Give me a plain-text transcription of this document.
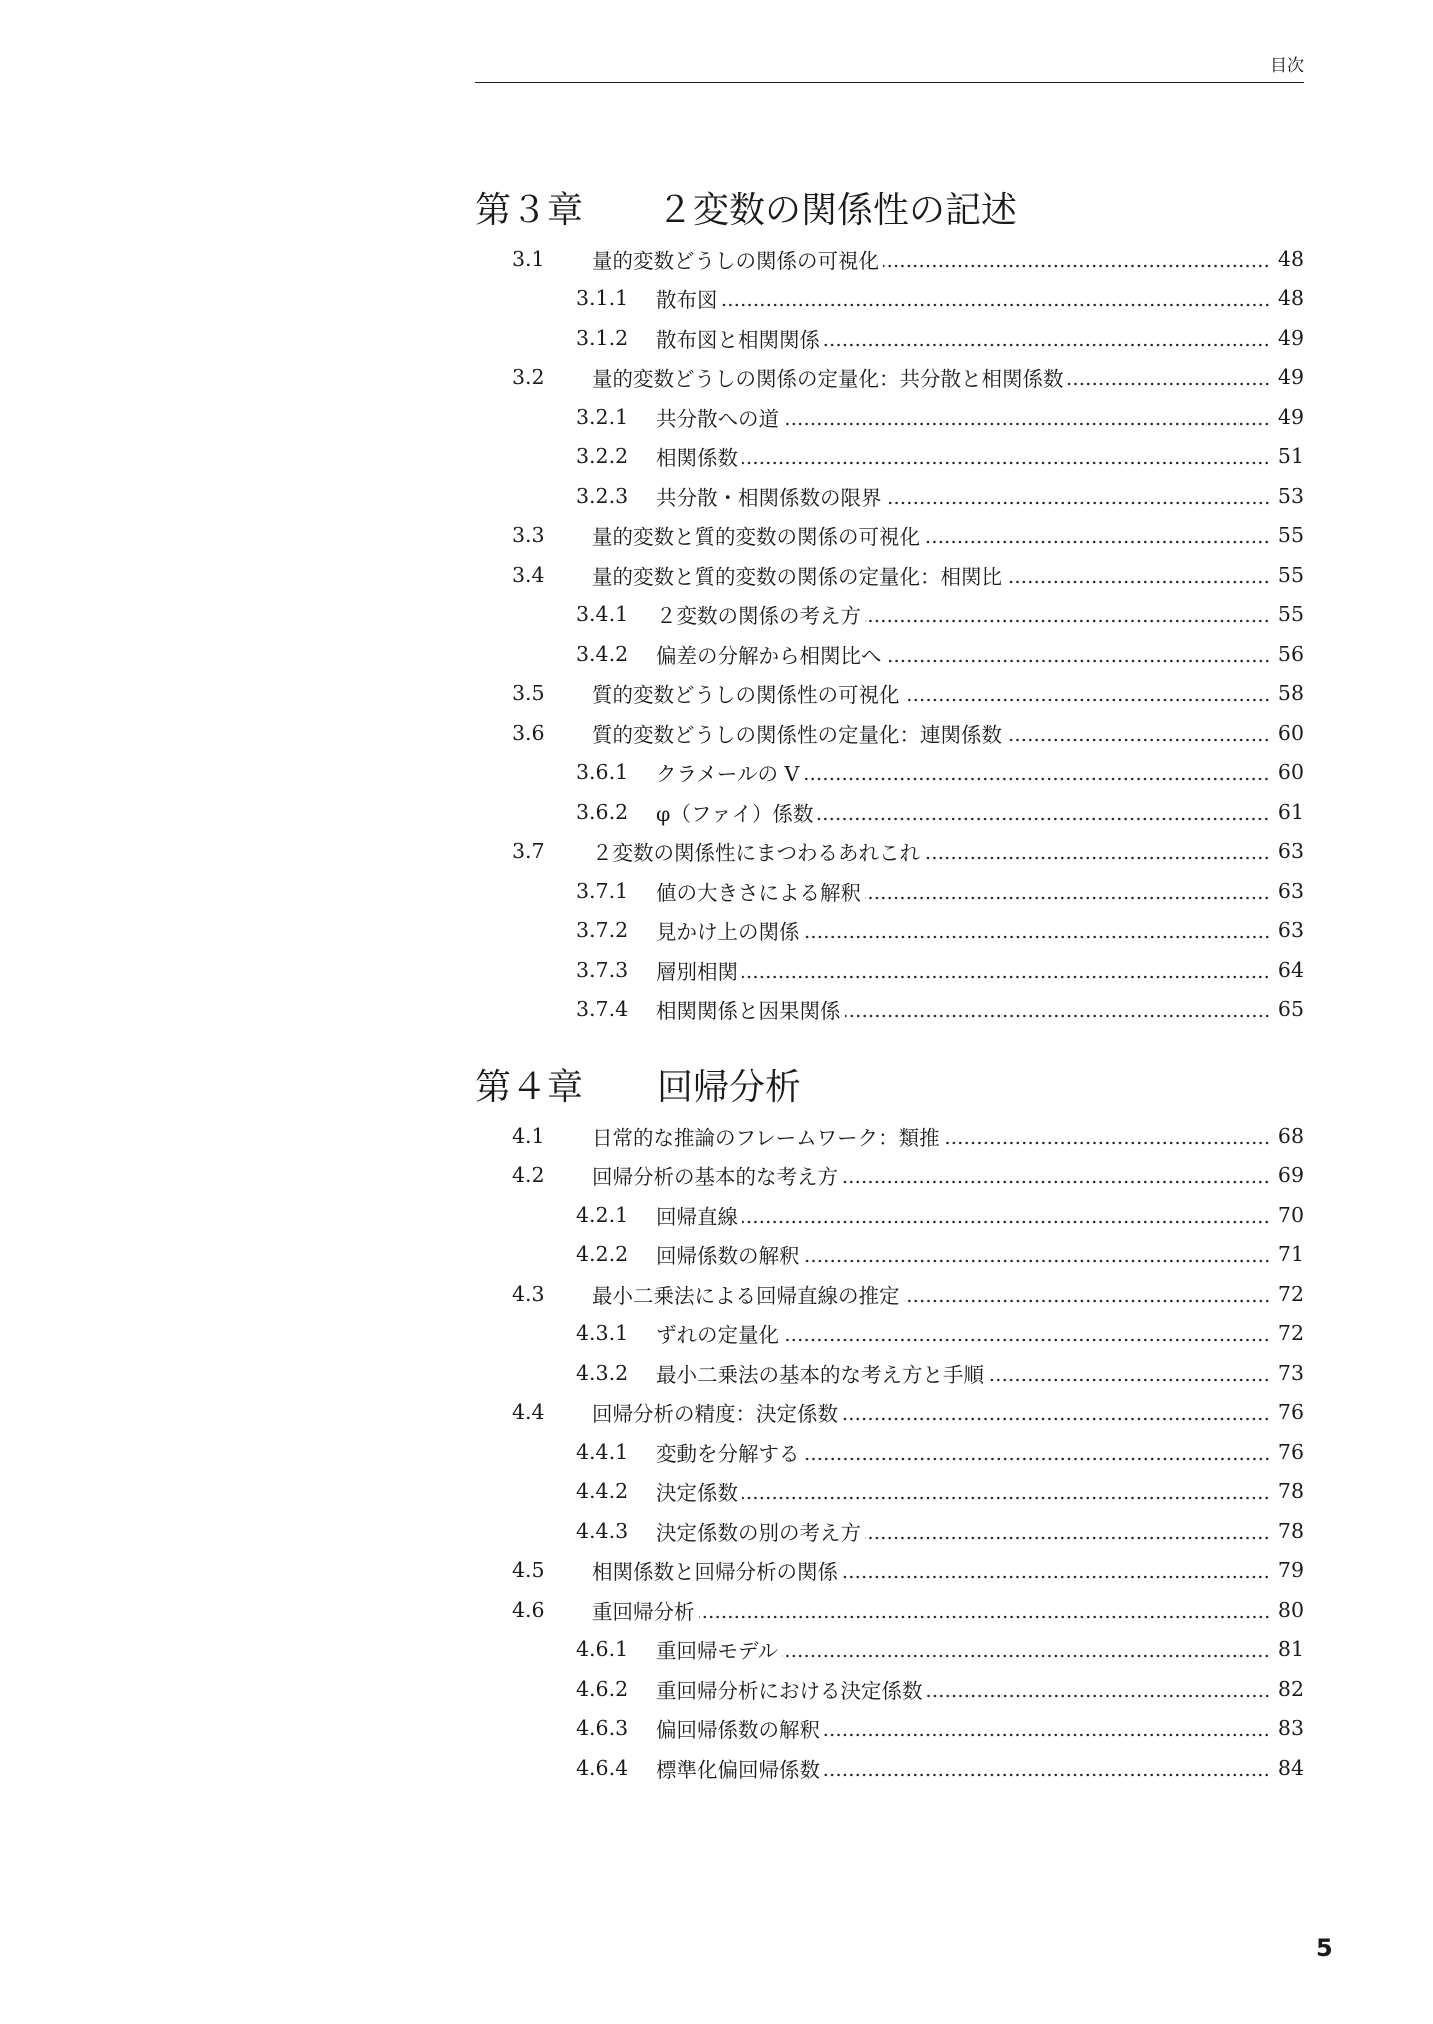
目次
第３章 ２変数の関係性の記述
3.1	量的変数どうしの関係の可視化	48
3.1.1	散布図	48
3.1.2	散布図と相関関係	49
3.2	量的変数どうしの関係の定量化：共分散と相関係数	49
3.2.1	共分散への道	49
3.2.2	相関係数	51
3.2.3	共分散・相関係数の限界	53
3.3	量的変数と質的変数の関係の可視化	55
3.4	量的変数と質的変数の関係の定量化：相関比	55
3.4.1	２変数の関係の考え方	55
3.4.2	偏差の分解から相関比へ	56
3.5	質的変数どうしの関係性の可視化	58
3.6	質的変数どうしの関係性の定量化：連関係数	60
3.6.1	クラメールの V	60
3.6.2	φ（ファイ）係数	61
3.7	２変数の関係性にまつわるあれこれ	63
3.7.1	値の大きさによる解釈	63
3.7.2	見かけ上の関係	63
3.7.3	層別相関	64
3.7.4	相関関係と因果関係	65
第４章 回帰分析
4.1	日常的な推論のフレームワーク：類推	68
4.2	回帰分析の基本的な考え方	69
4.2.1	回帰直線	70
4.2.2	回帰係数の解釈	71
4.3	最小二乗法による回帰直線の推定	72
4.3.1	ずれの定量化	72
4.3.2	最小二乗法の基本的な考え方と手順	73
4.4	回帰分析の精度：決定係数	76
4.4.1	変動を分解する	76
4.4.2	決定係数	78
4.4.3	決定係数の別の考え方	78
4.5	相関係数と回帰分析の関係	79
4.6	重回帰分析	80
4.6.1	重回帰モデル	81
4.6.2	重回帰分析における決定係数	82
4.6.3	偏回帰係数の解釈	83
4.6.4	標準化偏回帰係数	84
5
